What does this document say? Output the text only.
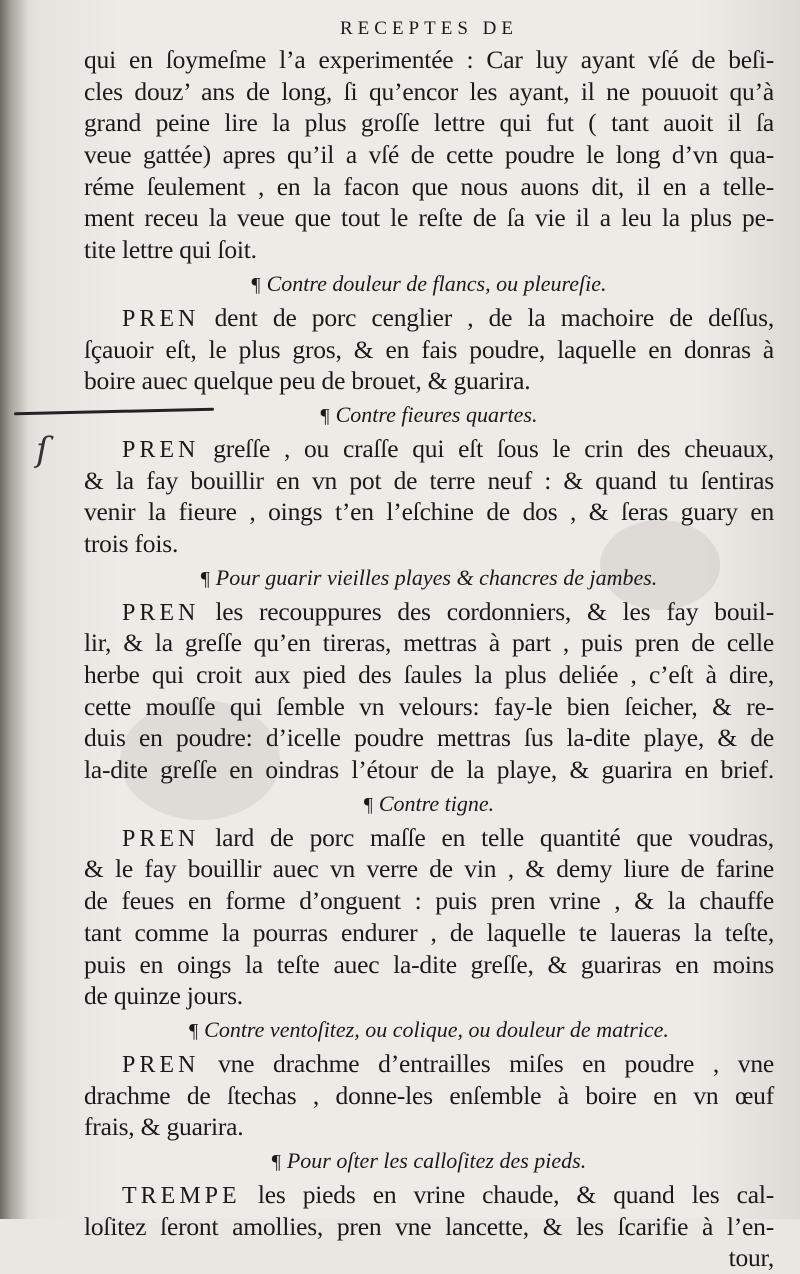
ſ
RECEPTES DE
qui en ſoymeſme l’a experimentée : Car luy ayant vſé de beſi-
cles douz’ ans de long, ſi qu’encor les ayant, il ne pouuoit qu’à
grand peine lire la plus groſſe lettre qui fut ( tant auoit il ſa
veue gattée) apres qu’il a vſé de cette poudre le long d’vn qua-
réme ſeulement , en la facon que nous auons dit, il en a telle-
ment receu la veue que tout le reſte de ſa vie il a leu la plus pe-
tite lettre qui ſoit.
¶ Contre douleur de flancs, ou pleureſie.
PREN dent de porc cenglier , de la machoire de deſſus,
ſçauoir eſt, le plus gros, & en fais poudre, laquelle en donras à
boire auec quelque peu de brouet, & guarira.
¶ Contre fieures quartes.
PREN greſſe , ou craſſe qui eſt ſous le crin des cheuaux,
& la fay bouillir en vn pot de terre neuf : & quand tu ſentiras
venir la fieure , oings t’en l’eſchine de dos , & ſeras guary en
trois fois.
¶ Pour guarir vieilles playes & chancres de jambes.
PREN les recouppures des cordonniers, & les fay bouil-
lir, & la greſſe qu’en tireras, mettras à part , puis pren de celle
herbe qui croit aux pied des ſaules la plus deliée , c’eſt à dire,
cette mouſſe qui ſemble vn velours: fay-le bien ſeicher, & re-
duis en poudre: d’icelle poudre mettras ſus la-dite playe, & de
la-dite greſſe en oindras l’étour de la playe, & guarira en brief.
¶ Contre tigne.
PREN lard de porc maſſe en telle quantité que voudras,
& le fay bouillir auec vn verre de vin , & demy liure de farine
de feues en forme d’onguent : puis pren vrine , & la chauffe
tant comme la pourras endurer , de laquelle te laueras la teſte,
puis en oings la teſte auec la-dite greſſe, & guariras en moins
de quinze jours.
¶ Contre ventoſitez, ou colique, ou douleur de matrice.
PREN vne drachme d’entrailles miſes en poudre , vne
drachme de ſtechas , donne-les enſemble à boire en vn œuf
frais, & guarira.
¶ Pour oſter les calloſitez des pieds.
TREMPE les pieds en vrine chaude, & quand les cal-
loſitez ſeront amollies, pren vne lancette, & les ſcarifie à l’en-
tour,
